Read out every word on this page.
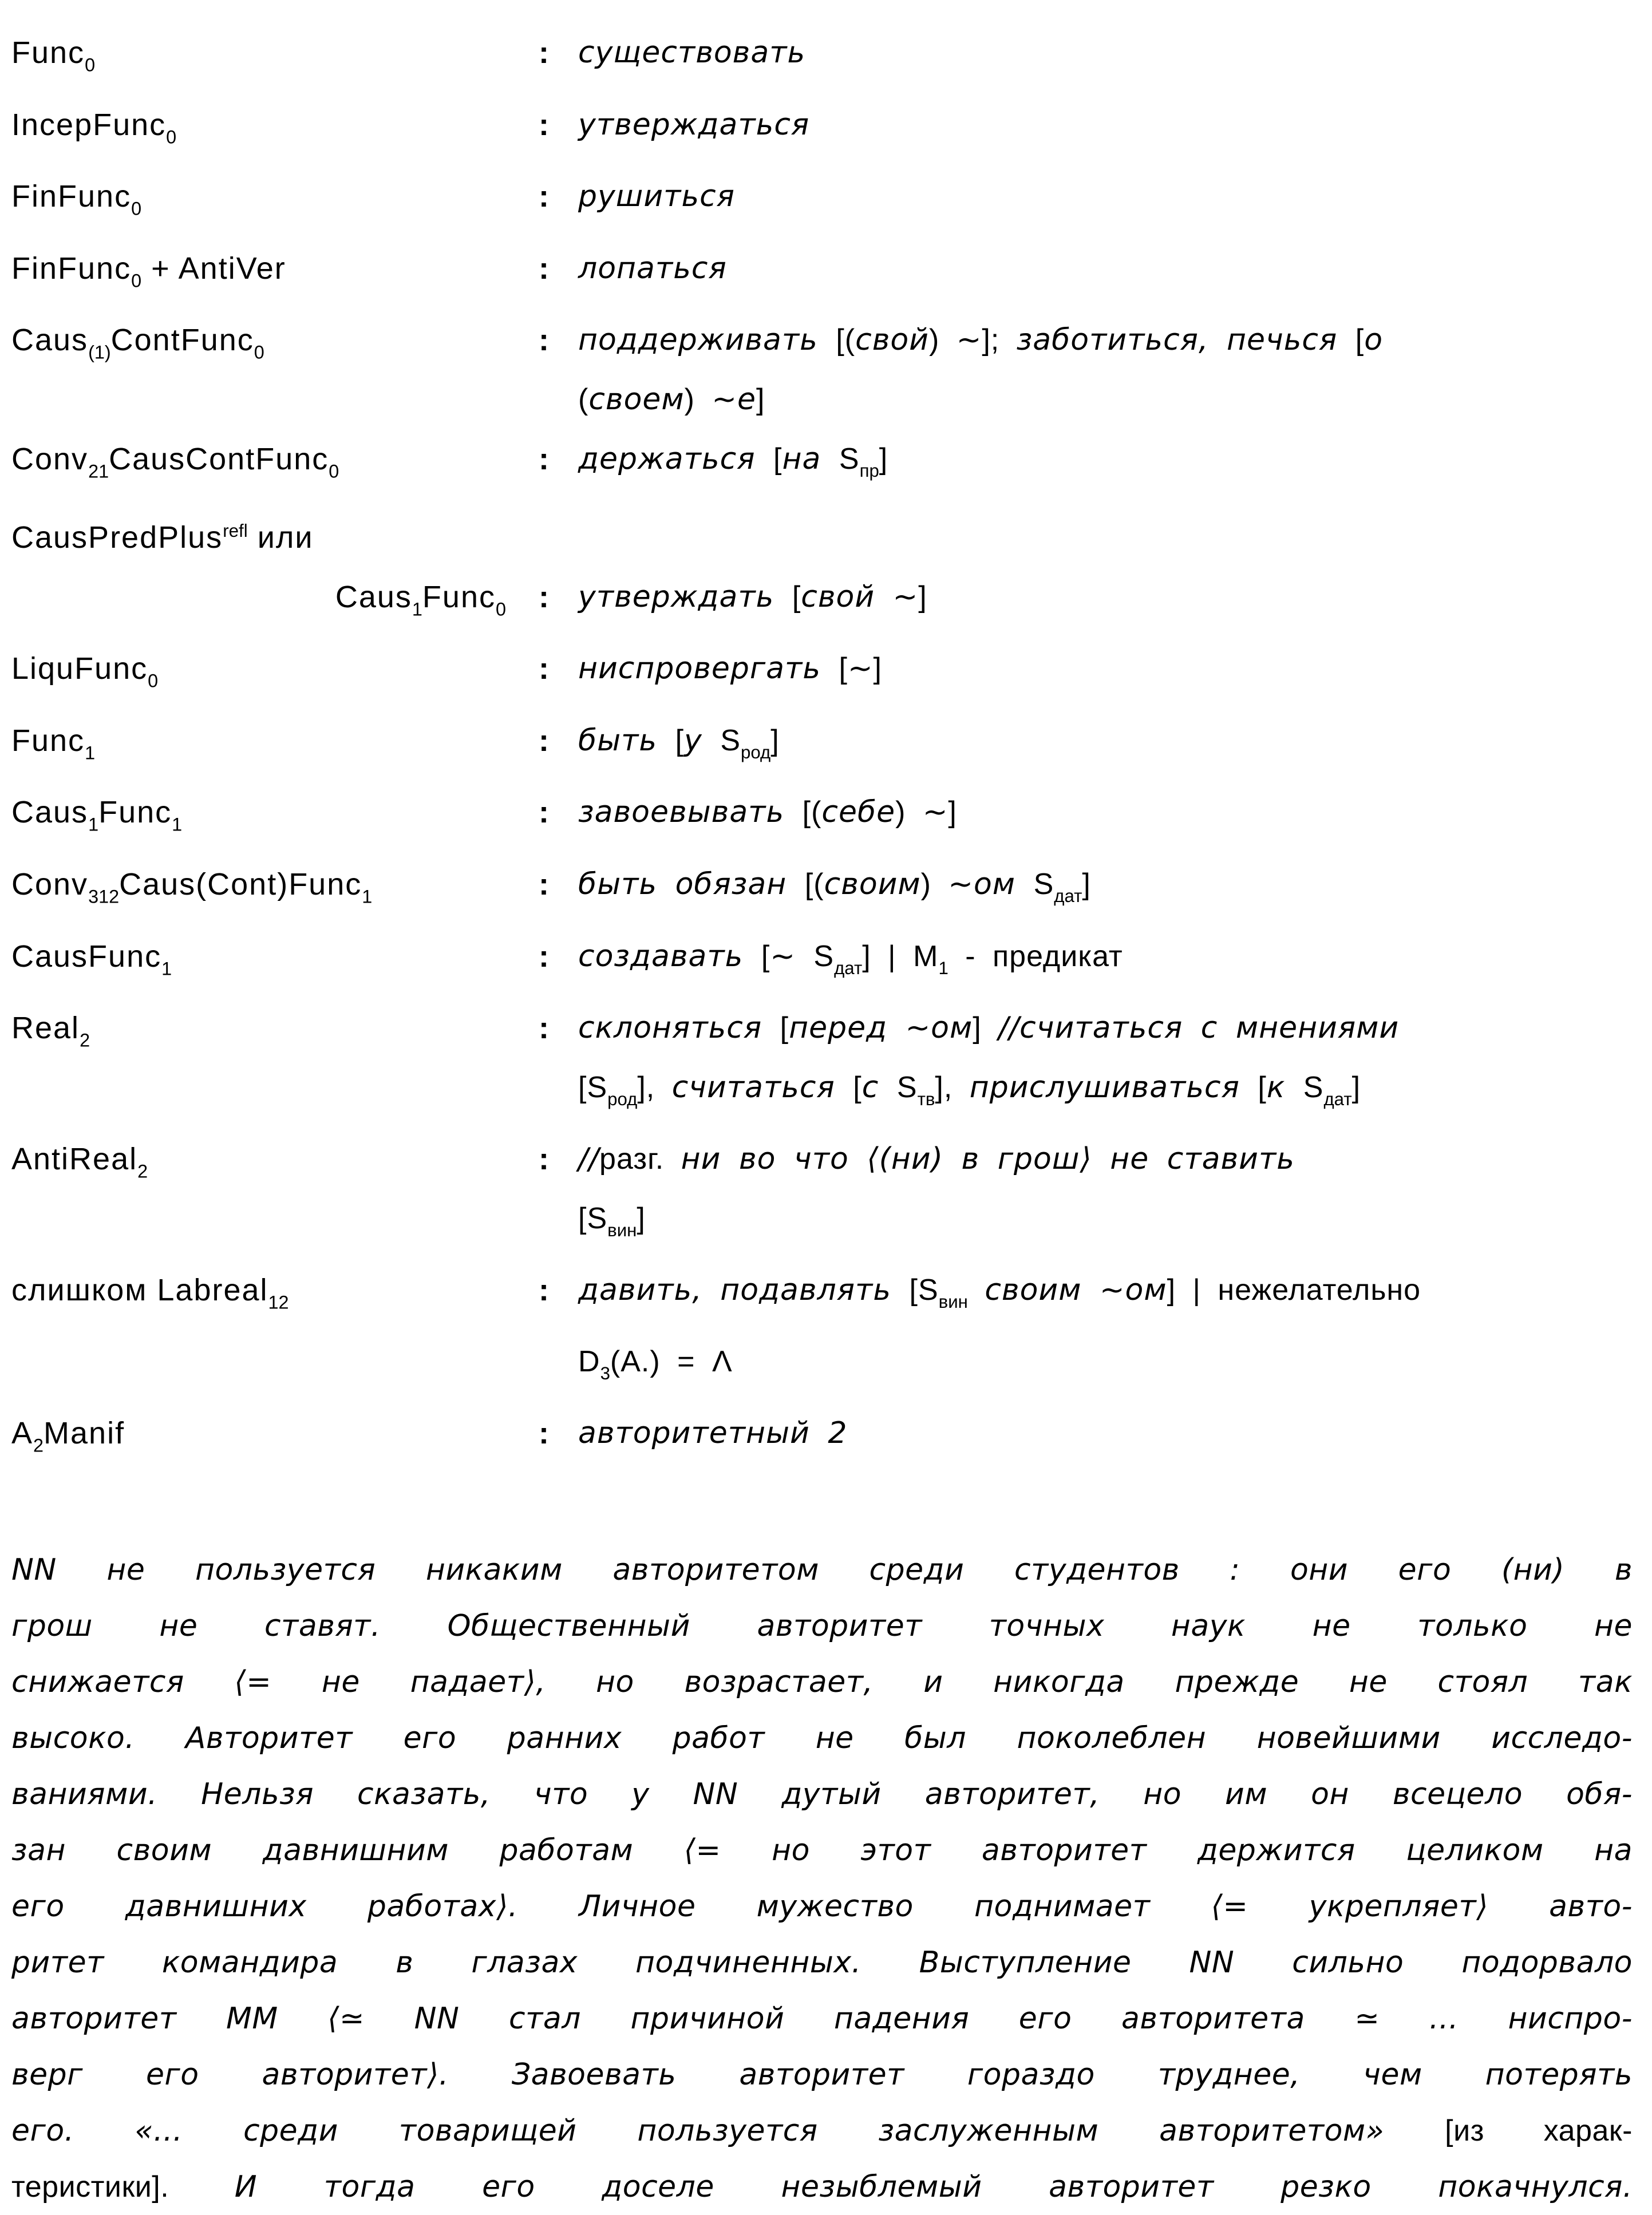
Func$_0$	: существовать
IncepFunc$_0$	: утверждаться
FinFunc$_0$	: рушиться
FinFunc$_0$ + AntiVer	: лопаться
Caus$_{(1)}$ContFunc$_0$	: поддерживать [(свой) ∼]; заботиться, печься [о
(своем) ∼е]
Conv$_{21}$CausContFunc$_0$	: держаться [на $S_{пр}$]
CausPredPlus$^{refl}$ или
Caus$_1$Func$_0$	: утверждать [свой ∼]
LiquFunc$_0$	: ниспровергать [∼]
Func$_1$	: быть [у $S_{род}$]
Caus$_1$Func$_1$	: завоевывать [(себе) ∼]
Conv$_{312}$Caus(Cont)Func$_1$	: быть обязан [(своим) ∼ом $S_{дат}$]
CausFunc$_1$	: создавать [∼ $S_{дат}$] | $M_1$ - предикат
Real$_2$	: склоняться [перед ∼ом] //считаться с мнениями
$[S_{род}]$, считаться [с $S_{тв}$], прислушиваться [к $S_{дат}$]
AntiReal$_2$	: //разг. ни во что ⟨(ни) в грош⟩ не ставить
$[S_{вин}]$
слишком Labreal$_{12}$	: давить, подавлять [$S_{вин}$ своим ∼ом] | нежелательно
$D_3(A.) = \Lambda$
$A_2Manif$	: авторитетный 2
NN не пользуется никаким авторитетом среди студентов : они его (ни) в
грош не ставят. Общественный авторитет точных наук не только не
снижается ⟨= не падает⟩, но возрастает, и никогда прежде не стоял так
высоко. Авторитет его ранних работ не был поколеблен новейшими исследо-
ваниями. Нельзя сказать, что у NN дутый авторитет, но им он всецело обя-
зан своим давнишним работам ⟨= но этот авторитет держится целиком на
его давнишних работах⟩. Личное мужество поднимает ⟨= укрепляет⟩ авто-
ритет командира в глазах подчиненных. Выступление NN сильно подорвало
авторитет ММ ⟨≃ NN стал причиной падения его авторитета ≃ ... ниспро-
верг его авторитет⟩. Завоевать авторитет гораздо труднее, чем потерять
его. «... среди товарищей пользуется заслуженным авторитетом» [из харак-
теристики]. И тогда его доселе незыблемый авторитет резко покачнулся.
